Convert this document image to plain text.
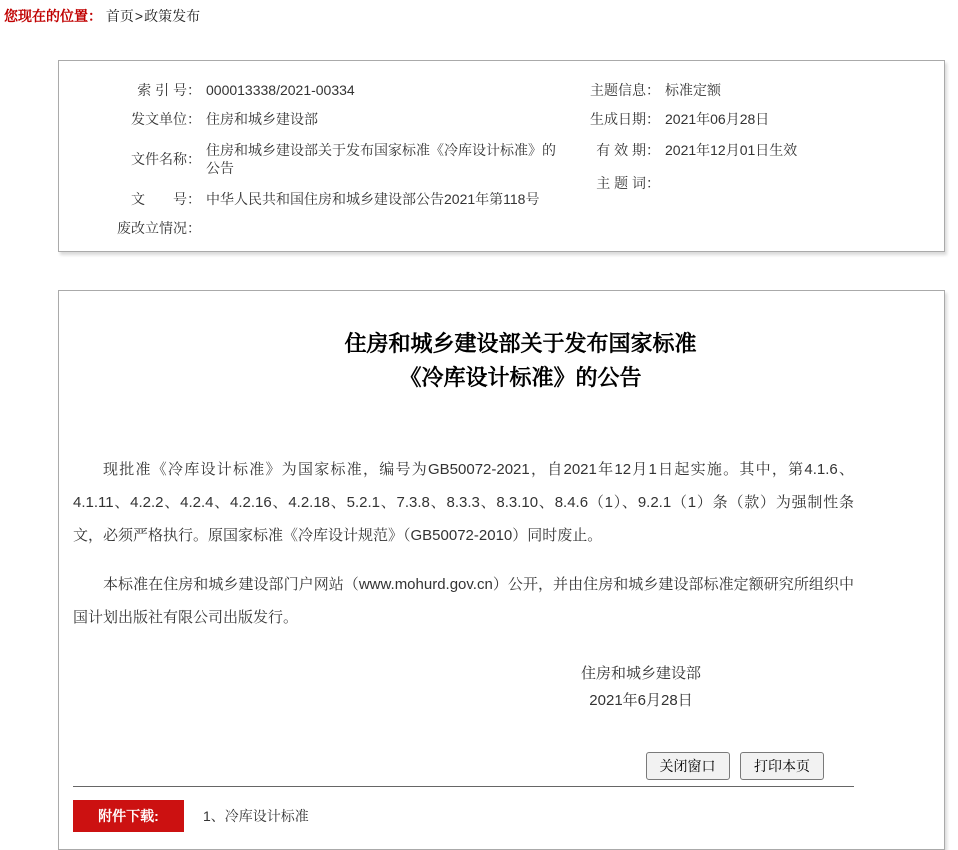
您现在的位置： 首页>政策发布
索 引 号： 000013338/2021-00334
发文单位： 住房和城乡建设部
文件名称：
住房和城乡建设部关于发布国家标准《冷库设计标准》的公告
文　　号： 中华人民共和国住房和城乡建设部公告2021年第118号
废改立情况：
主题信息： 标准定额
生成日期： 2021年06月28日
有 效 期： 2021年12月01日生效
主 题 词：
住房和城乡建设部关于发布国家标准
《冷库设计标准》的公告

现批准《冷库设计标准》为国家标准，编号为GB50072-2021，自2021年12月1日起实施。其中，第4.1.6、4.1.11、4.2.2、4.2.4、4.2.16、4.2.18、5.2.1、7.3.8、8.3.3、8.3.10、8.4.6（1）、9.2.1（1）条（款）为强制性条文，必须严格执行。原国家标准《冷库设计规范》（GB50072-2010）同时废止。

本标准在住房和城乡建设部门户网站（www.mohurd.gov.cn）公开，并由住房和城乡建设部标准定额研究所组织中国计划出版社有限公司出版发行。

住房和城乡建设部
2021年6月28日
关闭窗口	打印本页
附件下载:	1、冷库设计标准
